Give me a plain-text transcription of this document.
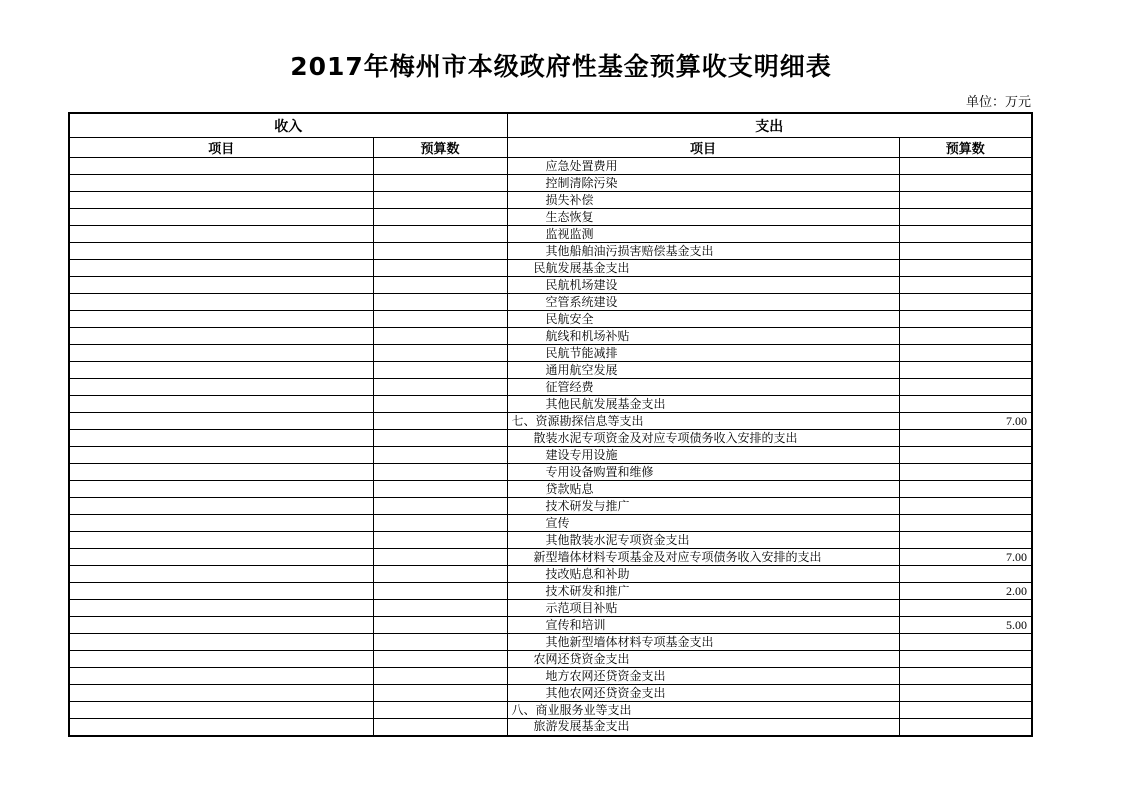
2017年梅州市本级政府性基金预算收支明细表
单位：万元
收入		支出	
项目	预算数	项目	预算数
		应急处置费用	
		控制清除污染	
		损失补偿	
		生态恢复	
		监视监测	
		其他船舶油污损害赔偿基金支出	
		民航发展基金支出	
		民航机场建设	
		空管系统建设	
		民航安全	
		航线和机场补贴	
		民航节能减排	
		通用航空发展	
		征管经费	
		其他民航发展基金支出	
		七、资源勘探信息等支出	7.00
		散装水泥专项资金及对应专项债务收入安排的支出	
		建设专用设施	
		专用设备购置和维修	
		贷款贴息	
		技术研发与推广	
		宣传	
		其他散装水泥专项资金支出	
		新型墙体材料专项基金及对应专项债务收入安排的支出	7.00
		技改贴息和补助	
		技术研发和推广	2.00
		示范项目补贴	
		宣传和培训	5.00
		其他新型墙体材料专项基金支出	
		农网还贷资金支出	
		地方农网还贷资金支出	
		其他农网还贷资金支出	
		八、商业服务业等支出	
		旅游发展基金支出	
